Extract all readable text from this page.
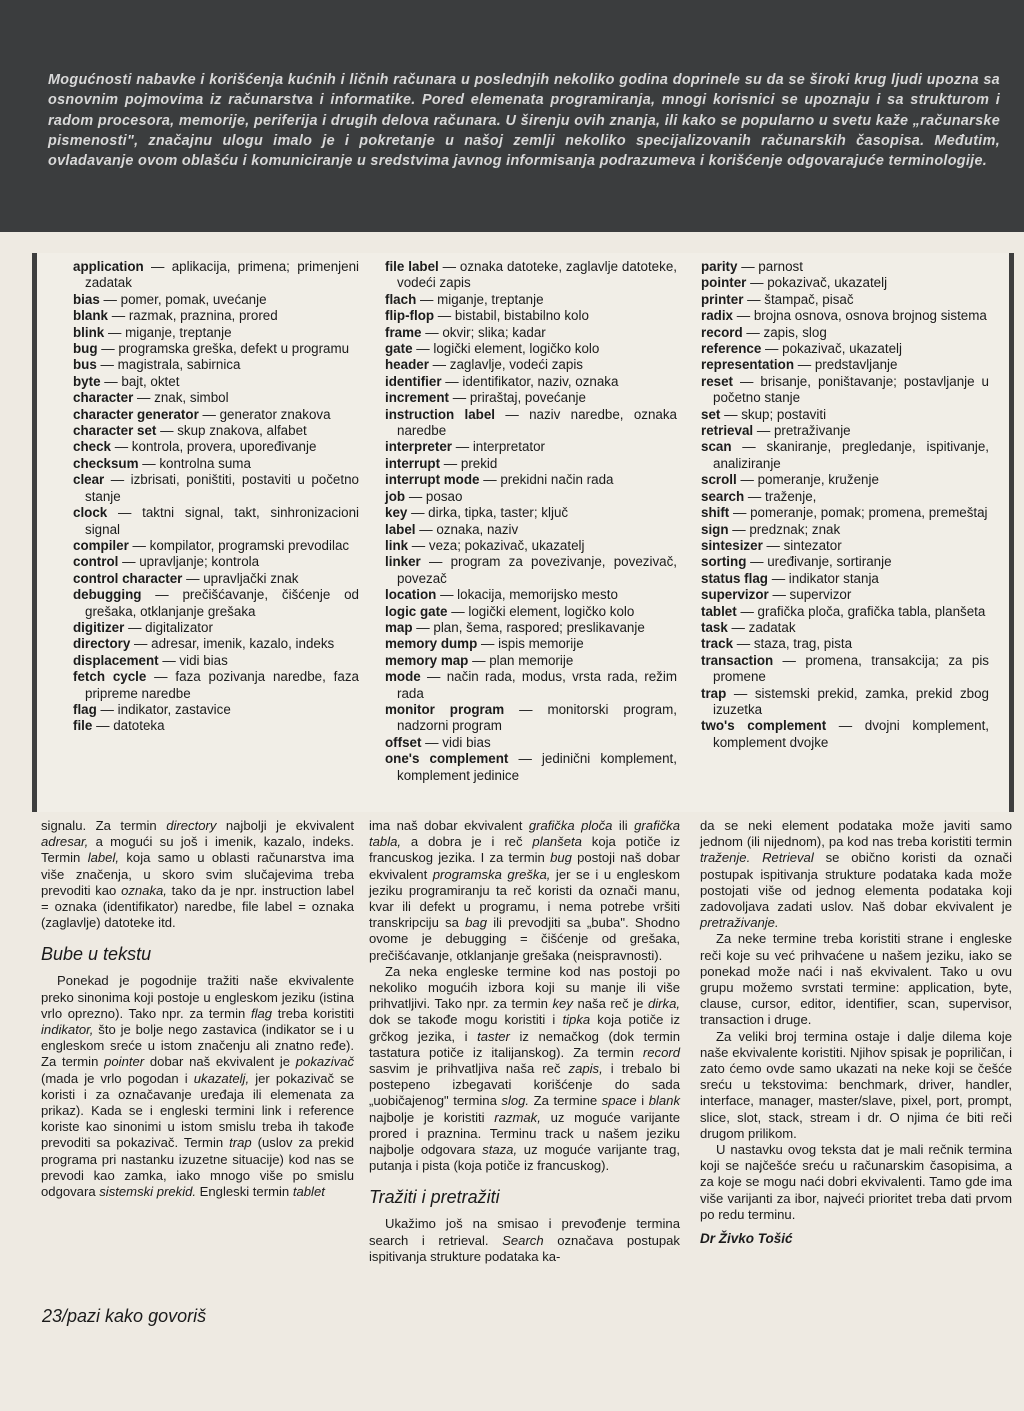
Mogućnosti nabavke i korišćenja kućnih i ličnih računara u poslednjih nekoliko godina doprinele su da se široki krug ljudi upozna sa osnovnim pojmovima iz računarstva i informatike. Pored elemenata programiranja, mnogi korisnici se upoznaju i sa strukturom i radom procesora, memorije, periferija i drugih delova računara. U širenju ovih znanja, ili kako se popularno u svetu kaže „računarske pismenosti", značajnu ulogu imalo je i pokretanje u našoj zemlji nekoliko specijalizovanih računarskih časopisa. Međutim, ovladavanje ovom oblašću i komuniciranje u sredstvima javnog informisanja podrazumeva i korišćenje odgovarajuće terminologije.

application — aplikacija, primena; primenjeni zadatak
bias — pomer, pomak, uvećanje
blank — razmak, praznina, prored
blink — miganje, treptanje
bug — programska greška, defekt u programu
bus — magistrala, sabirnica
byte — bajt, oktet
character — znak, simbol
character generator — generator znakova
character set — skup znakova, alfabet
check — kontrola, provera, upoređivanje
checksum — kontrolna suma
clear — izbrisati, poništiti, postaviti u početno stanje
clock — taktni signal, takt, sinhronizacioni signal
compiler — kompilator, programski prevodilac
control — upravljanje; kontrola
control character — upravljački znak
debugging — prečišćavanje, čišćenje od grešaka, otklanjanje grešaka
digitizer — digitalizator
directory — adresar, imenik, kazalo, indeks
displacement — vidi bias
fetch cycle — faza pozivanja naredbe, faza pripreme naredbe
flag — indikator, zastavice
file — datoteka
file label — oznaka datoteke, zaglavlje datoteke, vodeći zapis
flach — miganje, treptanje
flip-flop — bistabil, bistabilno kolo
frame — okvir; slika; kadar
gate — logički element, logičko kolo
header — zaglavlje, vodeći zapis
identifier — identifikator, naziv, oznaka
increment — priraštaj, povećanje
instruction label — naziv naredbe, oznaka naredbe
interpreter — interpretator
interrupt — prekid
interrupt mode — prekidni način rada
job — posao
key — dirka, tipka, taster; ključ
label — oznaka, naziv
link — veza; pokazivač, ukazatelj
linker — program za povezivanje, povezivač, povezač
location — lokacija, memorijsko mesto
logic gate — logički element, logičko kolo
map — plan, šema, raspored; preslikavanje
memory dump — ispis memorije
memory map — plan memorije
mode — način rada, modus, vrsta rada, režim rada
monitor program — monitorski program, nadzorni program
offset — vidi bias
one's complement — jedinični komplement, komplement jedinice
parity — parnost
pointer — pokazivač, ukazatelj
printer — štampač, pisač
radix — brojna osnova, osnova brojnog sistema
record — zapis, slog
reference — pokazivač, ukazatelj
representation — predstavljanje
reset — brisanje, poništavanje; postavljanje u početno stanje
set — skup; postaviti
retrieval — pretraživanje
scan — skaniranje, pregledanje, ispitivanje, analiziranje
scroll — pomeranje, kruženje
search — traženje,
shift — pomeranje, pomak; promena, premeštaj
sign — predznak; znak
sintesizer — sintezator
sorting — uređivanje, sortiranje
status flag — indikator stanja
supervizor — supervizor
tablet — grafička ploča, grafička tabla, planšeta
task — zadatak
track — staza, trag, pista
transaction — promena, transakcija; za pis promene
trap — sistemski prekid, zamka, prekid zbog izuzetka
two's complement — dvojni komplement, komplement dvojke

signalu. Za termin directory najbolji je ekvivalent adresar, a mogući su još i imenik, kazalo, indeks. Termin label, koja samo u oblasti računarstva ima više značenja, u skoro svim slučajevima treba prevoditi kao oznaka, tako da je npr. instruction label = oznaka (identifikator) naredbe, file label = oznaka (zaglavlje) datoteke itd.

Bube u tekstu

Ponekad je pogodnije tražiti naše ekvivalente preko sinonima koji postoje u engleskom jeziku (istina vrlo oprezno). Tako npr. za termin flag treba koristiti indikator, što je bolje nego zastavica (indikator se i u engleskom sreće u istom značenju ali znatno ređe). Za termin pointer dobar naš ekvivalent je pokazivač (mada je vrlo pogodan i ukazatelj, jer pokazivač se koristi i za označavanje uređaja ili elemenata za prikaz). Kada se i engleski termini link i reference koriste kao sinonimi u istom smislu treba ih takođe prevoditi sa pokazivač. Termin trap (uslov za prekid programa pri nastanku izuzetne situacije) kod nas se prevodi kao zamka, iako mnogo više po smislu odgovara sistemski prekid. Engleski termin tablet

ima naš dobar ekvivalent grafička ploča ili grafička tabla, a dobra je i reč planšeta koja potiče iz francuskog jezika. I za termin bug postoji naš dobar ekvivalent programska greška, jer se i u engleskom jeziku programiranju ta reč koristi da označi manu, kvar ili defekt u programu, i nema potrebe vršiti transkripciju sa bag ili prevodjiti sa „buba". Shodno ovome je debugging = čišćenje od grešaka, prečišćavanje, otklanjanje grešaka (neispravnosti).

Za neka engleske termine kod nas postoji po nekoliko mogućih izbora koji su manje ili više prihvatljivi. Tako npr. za termin key naša reč je dirka, dok se takođe mogu koristiti i tipka koja potiče iz grčkog jezika, i taster iz nemačkog (dok termin tastatura potiče iz italijanskog). Za termin record sasvim je prihvatljiva naša reč zapis, i trebalo bi postepeno izbegavati korišćenje do sada „uobičajenog" termina slog. Za termine space i blank najbolje je koristiti razmak, uz moguće varijante prored i praznina. Terminu track u našem jeziku najbolje odgovara staza, uz moguće varijante trag, putanja i pista (koja potiče iz francuskog).

Tražiti i pretražiti

Ukažimo još na smisao i prevođenje termina search i retrieval. Search označava postupak ispitivanja strukture podataka ka-

da se neki element podataka može javiti samo jednom (ili nijednom), pa kod nas treba koristiti termin traženje. Retrieval se obično koristi da označi postupak ispitivanja strukture podataka kada može postojati više od jednog elementa podataka koji zadovoljava zadati uslov. Naš dobar ekvivalent je pretraživanje.

Za neke termine treba koristiti strane i engleske reči koje su već prihvaćene u našem jeziku, iako se ponekad može naći i naš ekvivalent. Tako u ovu grupu možemo svrstati termine: application, byte, clause, cursor, editor, identifier, scan, supervisor, transaction i druge.

Za veliki broj termina ostaje i dalje dilema koje naše ekvivalente koristiti. Njihov spisak je popriličan, i zato ćemo ovde samo ukazati na neke koji se češće sreću u tekstovima: benchmark, driver, handler, interface, manager, master/slave, pixel, port, prompt, slice, slot, stack, stream i dr. O njima će biti reči drugom prilikom.

U nastavku ovog teksta dat je mali rečnik termina koji se najčešće sreću u računarskim časopisima, a za koje se mogu naći dobri ekvivalenti. Tamo gde ima više varijanti za ibor, najveći prioritet treba dati prvom po redu terminu.

Dr Živko Tošić
23/pazi kako govoriš
